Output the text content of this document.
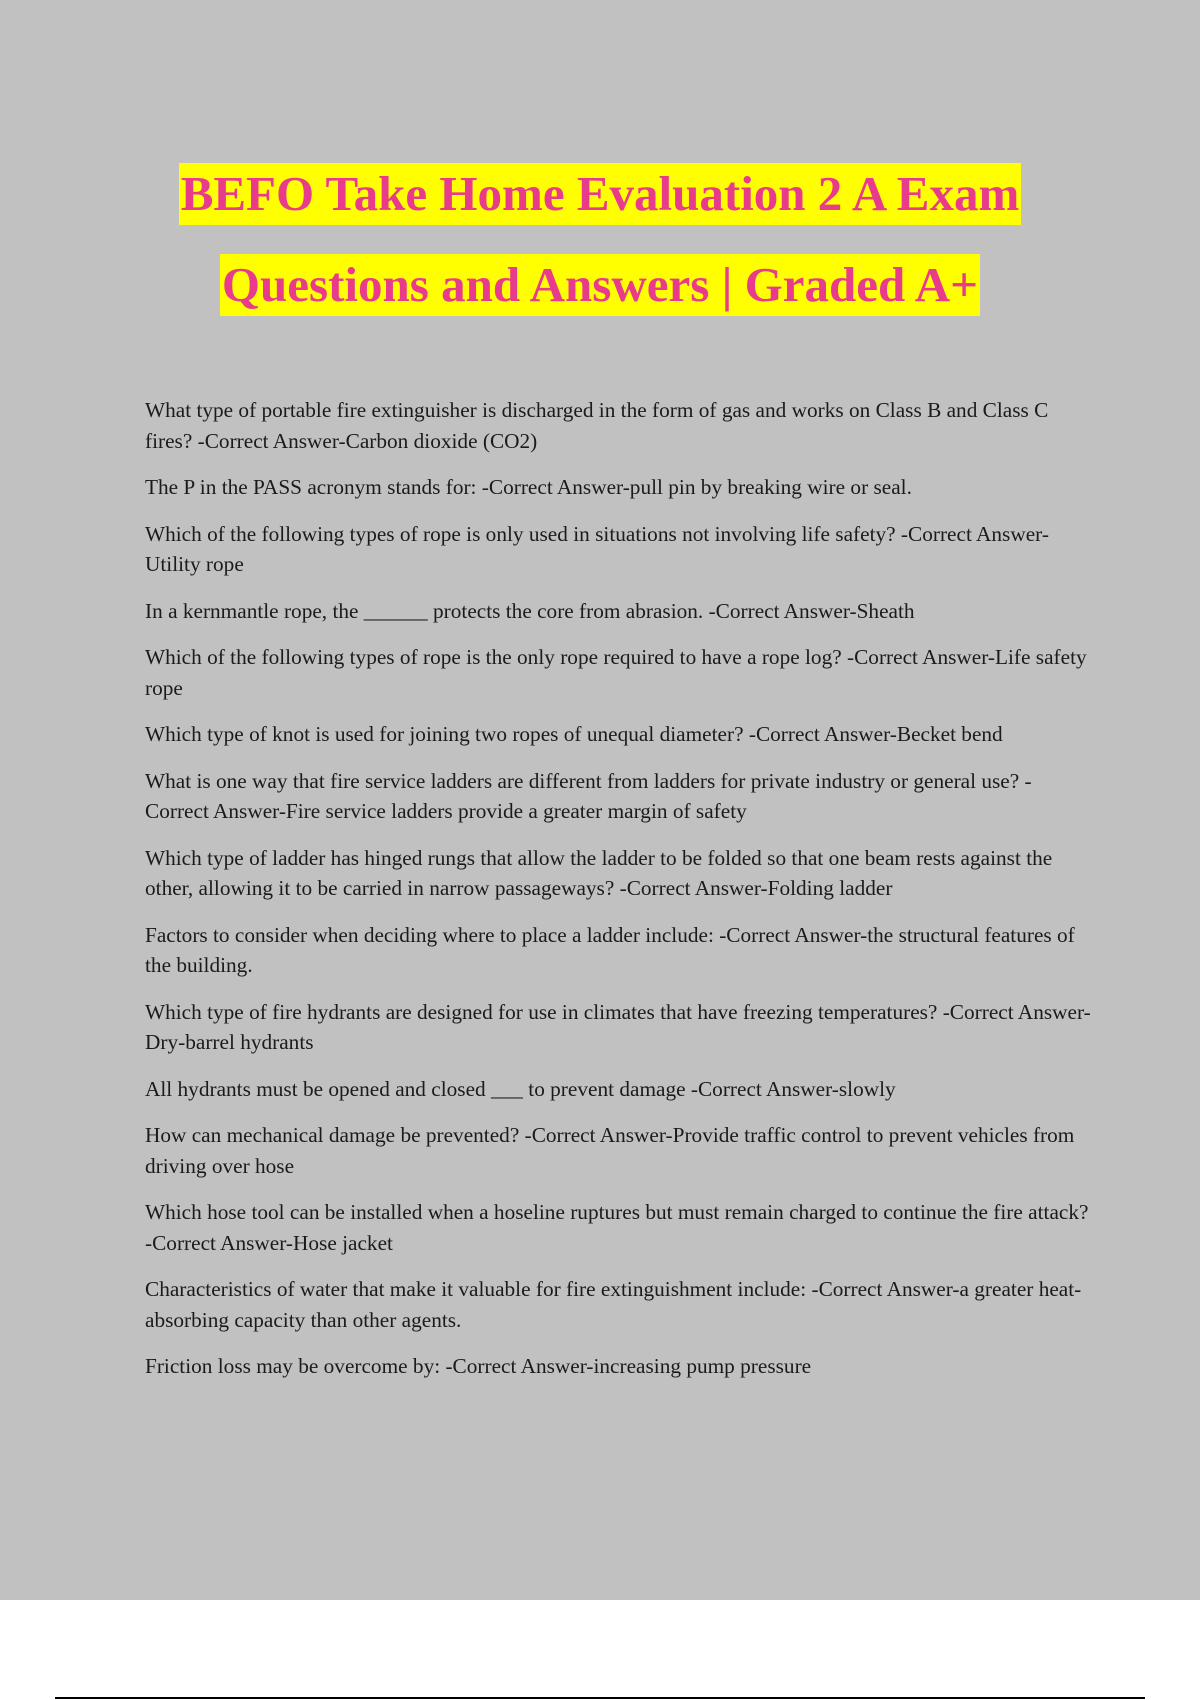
BEFO Take Home Evaluation 2 A Exam
Questions and Answers | Graded A+

What type of portable fire extinguisher is discharged in the form of gas and works on Class B and Class C fires? -Correct Answer-Carbon dioxide (CO2)

The P in the PASS acronym stands for: -Correct Answer-pull pin by breaking wire or seal.

Which of the following types of rope is only used in situations not involving life safety? -Correct Answer-Utility rope

In a kernmantle rope, the ______ protects the core from abrasion. -Correct Answer-Sheath

Which of the following types of rope is the only rope required to have a rope log? -Correct Answer-Life safety rope

Which type of knot is used for joining two ropes of unequal diameter? -Correct Answer-Becket bend

What is one way that fire service ladders are different from ladders for private industry or general use? -Correct Answer-Fire service ladders provide a greater margin of safety

Which type of ladder has hinged rungs that allow the ladder to be folded so that one beam rests against the other, allowing it to be carried in narrow passageways? -Correct Answer-Folding ladder

Factors to consider when deciding where to place a ladder include: -Correct Answer-the structural features of the building.

Which type of fire hydrants are designed for use in climates that have freezing temperatures? -Correct Answer-Dry-barrel hydrants

All hydrants must be opened and closed ___ to prevent damage -Correct Answer-slowly

How can mechanical damage be prevented? -Correct Answer-Provide traffic control to prevent vehicles from driving over hose

Which hose tool can be installed when a hoseline ruptures but must remain charged to continue the fire attack? -Correct Answer-Hose jacket

Characteristics of water that make it valuable for fire extinguishment include: -Correct Answer-a greater heat-absorbing capacity than other agents.

Friction loss may be overcome by: -Correct Answer-increasing pump pressure
